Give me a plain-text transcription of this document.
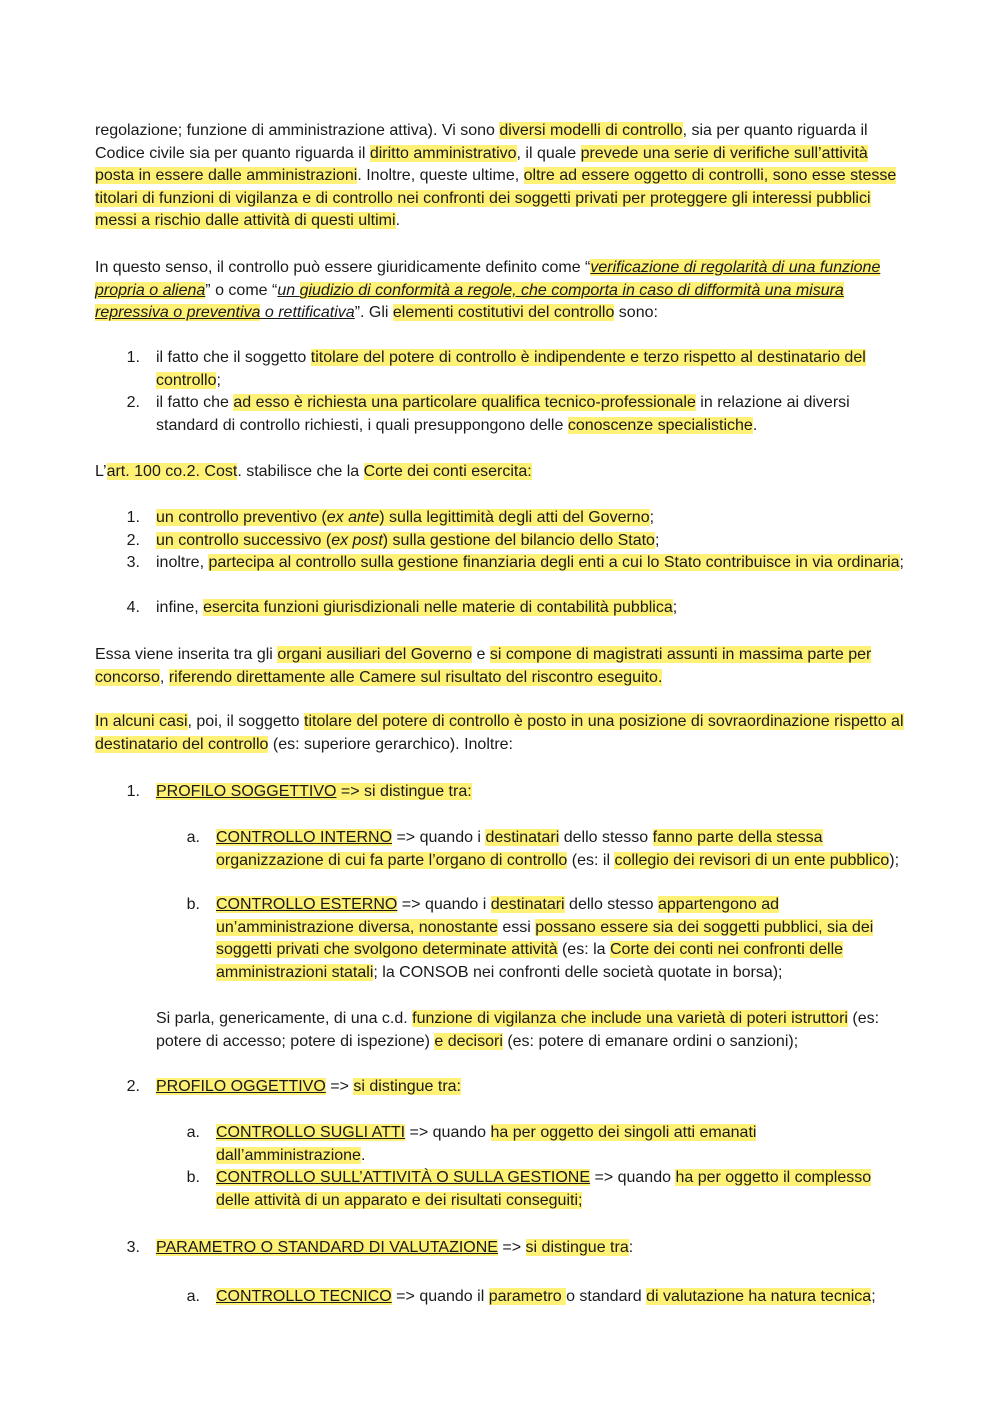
regolazione; funzione di amministrazione attiva). Vi sono diversi modelli di controllo, sia per quanto riguarda il Codice civile sia per quanto riguarda il diritto amministrativo, il quale prevede una serie di verifiche sull’attività posta in essere dalle amministrazioni. Inoltre, queste ultime, oltre ad essere oggetto di controlli, sono esse stesse titolari di funzioni di vigilanza e di controllo nei confronti dei soggetti privati per proteggere gli interessi pubblici messi a rischio dalle attività di questi ultimi.

In questo senso, il controllo può essere giuridicamente definito come “verificazione di regolarità di una funzione propria o aliena” o come “un giudizio di conformità a regole, che comporta in caso di difformità una misura repressiva o preventiva o rettificativa”. Gli elementi costitutivi del controllo sono:

1. il fatto che il soggetto titolare del potere di controllo è indipendente e terzo rispetto al destinatario del controllo;
2. il fatto che ad esso è richiesta una particolare qualifica tecnico-professionale in relazione ai diversi standard di controllo richiesti, i quali presuppongono delle conoscenze specialistiche.

L’art. 100 co.2. Cost. stabilisce che la Corte dei conti esercita:

1. un controllo preventivo (ex ante) sulla legittimità degli atti del Governo;
2. un controllo successivo (ex post) sulla gestione del bilancio dello Stato;
3. inoltre, partecipa al controllo sulla gestione finanziaria degli enti a cui lo Stato contribuisce in via ordinaria;
4. infine, esercita funzioni giurisdizionali nelle materie di contabilità pubblica;

Essa viene inserita tra gli organi ausiliari del Governo e si compone di magistrati assunti in massima parte per concorso, riferendo direttamente alle Camere sul risultato del riscontro eseguito.

In alcuni casi, poi, il soggetto titolare del potere di controllo è posto in una posizione di sovraordinazione rispetto al destinatario del controllo (es: superiore gerarchico). Inoltre:

1. PROFILO SOGGETTIVO => si distingue tra:
a. CONTROLLO INTERNO => quando i destinatari dello stesso fanno parte della stessa organizzazione di cui fa parte l’organo di controllo (es: il collegio dei revisori di un ente pubblico);
b. CONTROLLO ESTERNO => quando i destinatari dello stesso appartengono ad un’amministrazione diversa, nonostante essi possano essere sia dei soggetti pubblici, sia dei soggetti privati che svolgono determinate attività (es: la Corte dei conti nei confronti delle amministrazioni statali; la CONSOB nei confronti delle società quotate in borsa);

Si parla, genericamente, di una c.d. funzione di vigilanza che include una varietà di poteri istruttori (es: potere di accesso; potere di ispezione) e decisori (es: potere di emanare ordini o sanzioni);

2. PROFILO OGGETTIVO => si distingue tra:
a. CONTROLLO SUGLI ATTI => quando ha per oggetto dei singoli atti emanati dall’amministrazione.
b. CONTROLLO SULL’ATTIVITÀ O SULLA GESTIONE => quando ha per oggetto il complesso delle attività di un apparato e dei risultati conseguiti;
3. PARAMETRO O STANDARD DI VALUTAZIONE => si distingue tra:
a. CONTROLLO TECNICO => quando il parametro o standard di valutazione ha natura tecnica;
